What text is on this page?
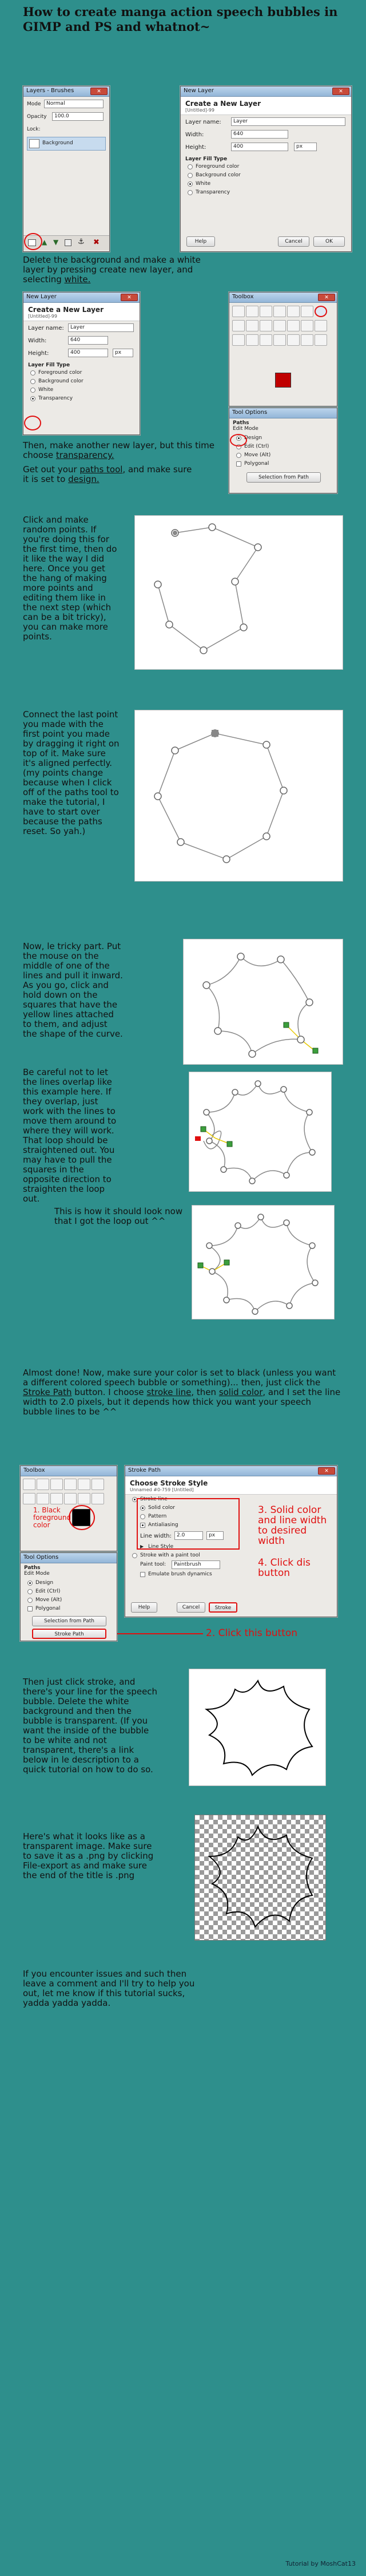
How to create manga action speech bubbles in GIMP and PS and whatnot~
Layers - Brushes	✕
Mode	Normal
Opacity	100.0
Lock:
Background
▲ ▼	⚓ ✖
New Layer	✕
Create a New Layer
[Untitled]-99
Layer name:	Layer
Width:	640
Height:	400	px
Layer Fill Type
Foreground color
Background color
White
Transparency
Help	Cancel	OK
Delete the background and make a white layer by pressing create new layer, and selecting white.
New Layer	✕
Create a New Layer
[Untitled]-99
Layer name:	Layer
Width:	640
Height:	400	px
Layer Fill Type
Foreground color
Background color
White
Transparency
Toolbox	✕
Tool Options
Paths
Edit Mode
Design
Edit (Ctrl)
Move (Alt)
Polygonal
Selection from Path
Then, make another new layer, but this time choose transparency.
Get out your paths tool, and make sure it is set to design.
Click and make random points. If you're doing this for the first time, then do it like the way I did here. Once you get the hang of making more points and editing them like in the next step (which can be a bit tricky), you can make more points.
Connect the last point you made with the first point you made by dragging it right on top of it. Make sure it's aligned perfectly. (my points change because when I click off of the paths tool to make the tutorial, I have to start over because the paths reset. So yah.)
Now, le tricky part. Put the mouse on the middle of one of the lines and pull it inward. As you go, click and hold down on the squares that have the yellow lines attached to them, and adjust the shape of the curve.
Be careful not to let the lines overlap like this example here. If they overlap, just work with the lines to move them around to where they will work. That loop should be straightened out. You may have to pull the squares in the opposite direction to straighten the loop out.
This is how it should look now that I got the loop out ^^
Almost done! Now, make sure your color is set to black (unless you want a different colored speech bubble or something)... then, just click the Stroke Path button. I choose stroke line, then solid color, and I set the line width to 2.0 pixels, but it depends how thick you want your speech bubble lines to be ^^
Toolbox
1. Black foreground color
Tool Options
Paths
Edit Mode
Design
Edit (Ctrl)
Move (Alt)
Polygonal
Selection from Path
Stroke Path	2. Click this button
Stroke Path	✕
Choose Stroke Style
Unnamed #0-759 [Untitled]
Stroke line
Solid color
Pattern
Antialiasing
Line width:	2.0	px
▶ Line Style
Stroke with a paint tool
Paint tool:	Paintbrush
Emulate brush dynamics
Help	Cancel	Stroke
3. Solid color and line width to desired width
4. Click dis button
Then just click stroke, and there's your line for the speech bubble. Delete the white background and then the bubble is transparent. (If you want the inside of the bubble to be white and not transparent, there's a link below in le description to a quick tutorial on how to do so.
Here's what it looks like as a transparent image. Make sure to save it as a .png by clicking File-export as and make sure the end of the title is .png
If you encounter issues and such then leave a comment and I'll try to help you out, let me know if this tutorial sucks, yadda yadda yadda.
Tutorial by MoshCat13
